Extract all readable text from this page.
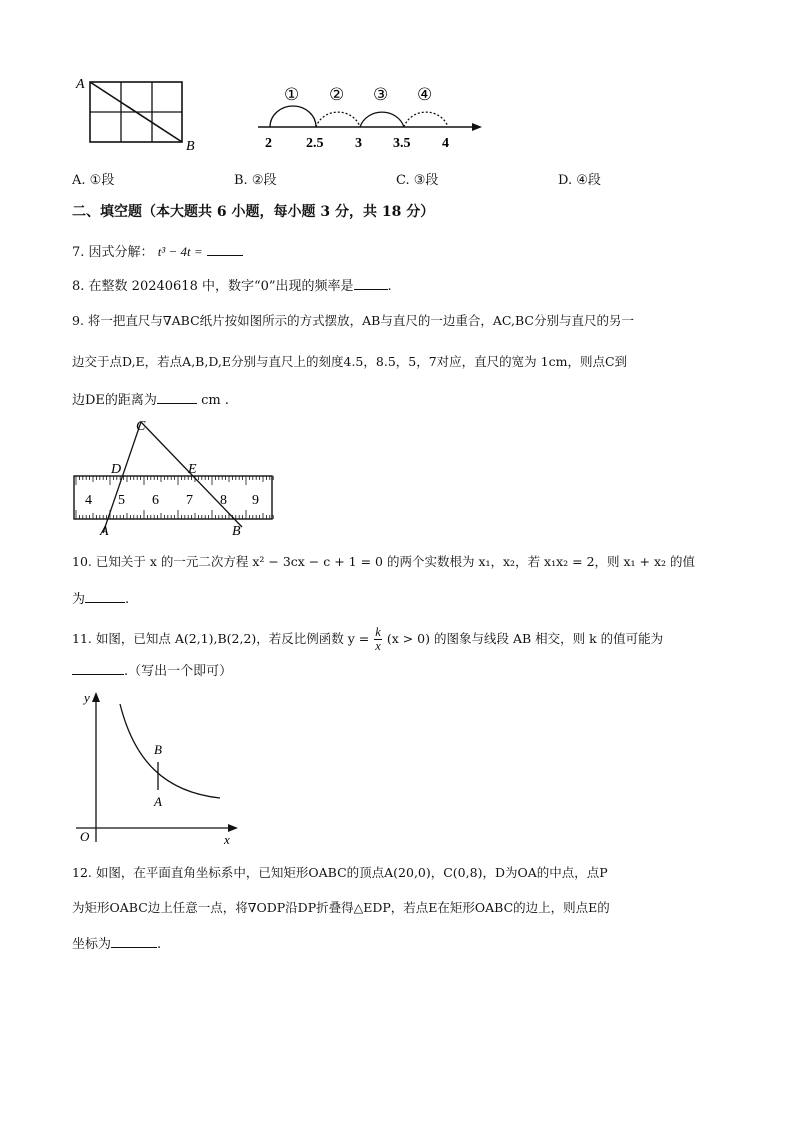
A
B
① ② ③ ④
2 2.5 3 3.5 4
A. ①段	B. ②段	C. ③段	D. ④段
二、填空题（本大题共 6 小题，每小题 3 分，共 18 分）
7. 因式分解： t³ − 4t =
8. 在整数 20240618 中，数字“0”出现的频率是	.
9. 将一把直尺与∇ABC纸片按如图所示的方式摆放，AB与直尺的一边重合，AC,BC分别与直尺的另一
边交于点D,E，若点A,B,D,E分别与直尺上的刻度4.5，8.5，5，7对应，直尺的宽为 1cm，则点C到
边DE的距离为	cm .
C
D	E
A	B
4 5 6 7 8 9
10. 已知关于 x 的一元二次方程 x² − 3cx − c + 1 = 0 的两个实数根为 x₁，x₂，若 x₁x₂ = 2，则 x₁ + x₂ 的值
为	.
11. 如图，已知点 A(2,1),B(2,2)，若反比例函数 $y = \frac{k}{x} (x > 0)$ 的图象与线段 AB 相交，则 k 的值可能为
.（写出一个即可）
y
x
O
B
A
12. 如图，在平面直角坐标系中，已知矩形OABC的顶点A(20,0)，C(0,8)，D为OA的中点，点P
为矩形OABC边上任意一点，将∇ODP沿DP折叠得△EDP，若点E在矩形OABC的边上，则点E的
坐标为	.
